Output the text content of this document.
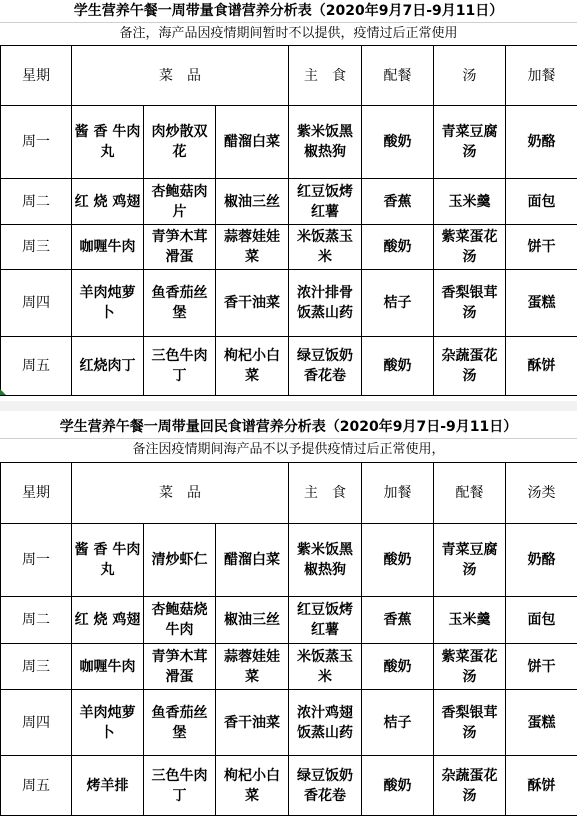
学生营养午餐一周带量食谱营养分析表（2020年9月7日-9月11日）
备注，海产品因疫情期间暂时不以提供，疫情过后正常使用
星期	菜　品			主　食	配餐	汤	加餐
周一	酱 香 牛肉丸	肉炒散双花	醋溜白菜	紫米饭黑椒热狗	酸奶	青菜豆腐汤	奶酪
周二	红 烧 鸡翅	杏鲍菇肉片	椒油三丝	红豆饭烤红薯	香蕉	玉米羹	面包
周三	咖喱牛肉	青笋木茸滑蛋	蒜蓉娃娃菜	米饭蒸玉米	酸奶	紫菜蛋花汤	饼干
周四	羊肉炖萝卜	鱼香茄丝堡	香干油菜	浓汁排骨饭蒸山药	桔子	香梨银茸汤	蛋糕
周五	红烧肉丁	三色牛肉丁	枸杞小白菜	绿豆饭奶香花卷	酸奶	杂蔬蛋花汤	酥饼
学生营养午餐一周带量回民食谱营养分析表（2020年9月7日-9月11日）
备注因疫情期间海产品不以予提供疫情过后正常使用，
星期	菜　品			主　食	加餐	配餐	汤类
周一	酱 香 牛肉丸	清炒虾仁	醋溜白菜	紫米饭黑椒热狗	酸奶	青菜豆腐汤	奶酪
周二	红 烧 鸡翅	杏鲍菇烧牛肉	椒油三丝	红豆饭烤红薯	香蕉	玉米羹	面包
周三	咖喱牛肉	青笋木茸滑蛋	蒜蓉娃娃菜	米饭蒸玉米	酸奶	紫菜蛋花汤	饼干
周四	羊肉炖萝卜	鱼香茄丝堡	香干油菜	浓汁鸡翅饭蒸山药	桔子	香梨银茸汤	蛋糕
周五	烤羊排	三色牛肉丁	枸杞小白菜	绿豆饭奶香花卷	酸奶	杂蔬蛋花汤	酥饼
